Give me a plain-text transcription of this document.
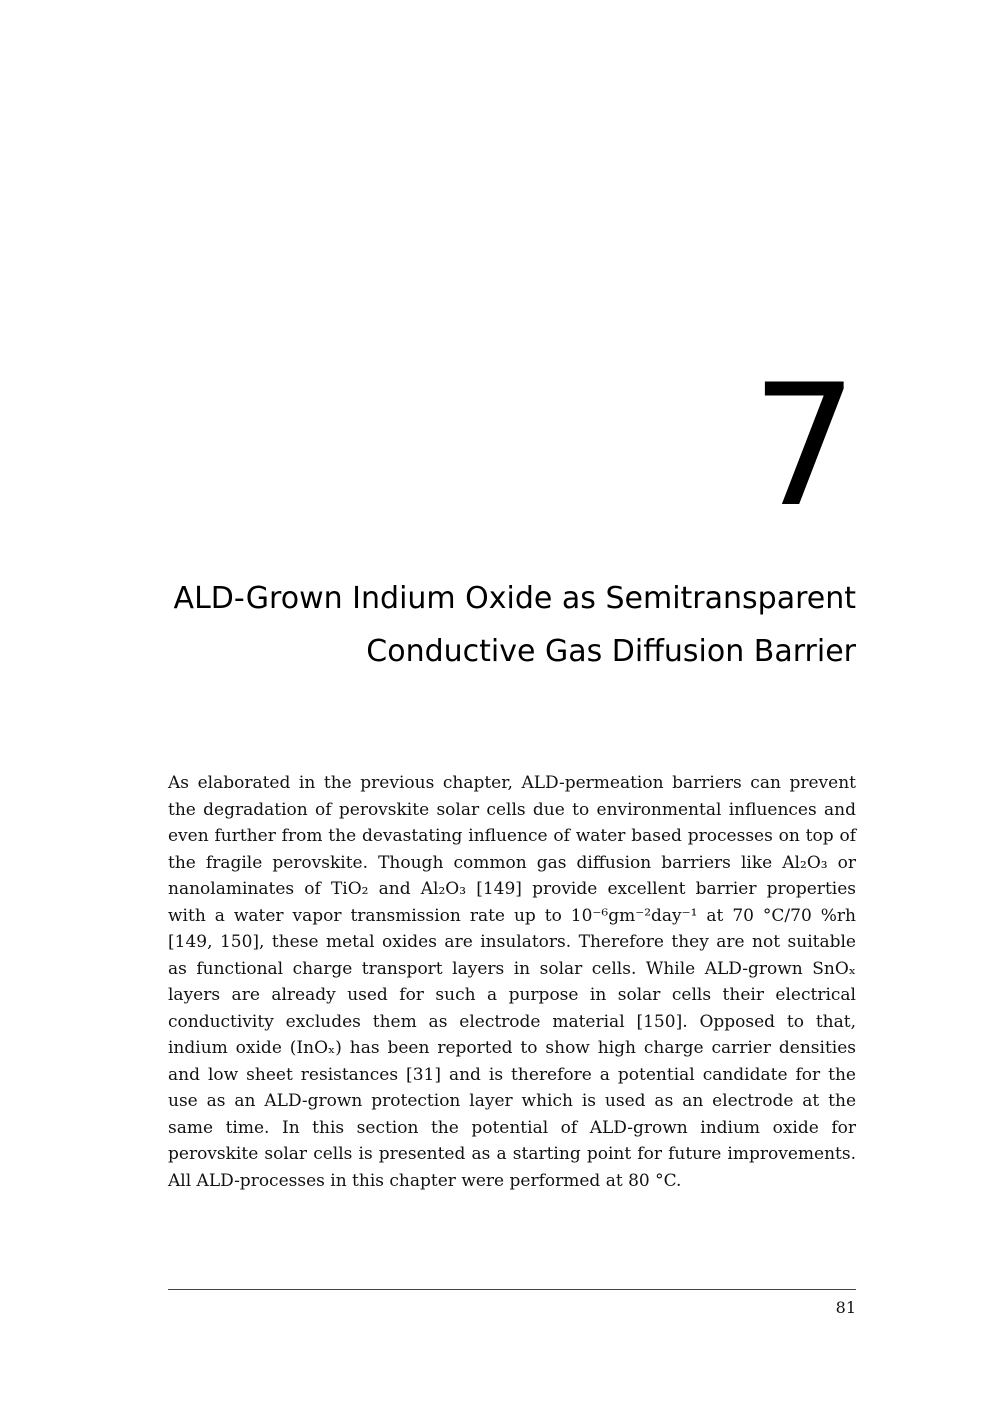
7
ALD-Grown Indium Oxide as Semitransparent
Conductive Gas Diffusion Barrier
As elaborated in the previous chapter, ALD-permeation barriers can prevent the degradation of perovskite solar cells due to environmental influences and even further from the devastating influence of water based processes on top of the fragile perovskite. Though common gas diffusion barriers like Al₂O₃ or nanolaminates of TiO₂ and Al₂O₃ [149] provide excellent barrier properties with a water vapor transmission rate up to 10⁻⁶gm⁻²day⁻¹ at 70 °C/70 %rh [149, 150], these metal oxides are insulators. Therefore they are not suitable as functional charge transport layers in solar cells. While ALD-grown SnOₓ layers are already used for such a purpose in solar cells their electrical conductivity excludes them as electrode material [150]. Opposed to that, indium oxide (InOₓ) has been reported to show high charge carrier densities and low sheet resistances [31] and is therefore a potential candidate for the use as an ALD-grown protection layer which is used as an electrode at the same time. In this section the potential of ALD-grown indium oxide for perovskite solar cells is presented as a starting point for future improvements. All ALD-processes in this chapter were performed at 80 °C.
81
